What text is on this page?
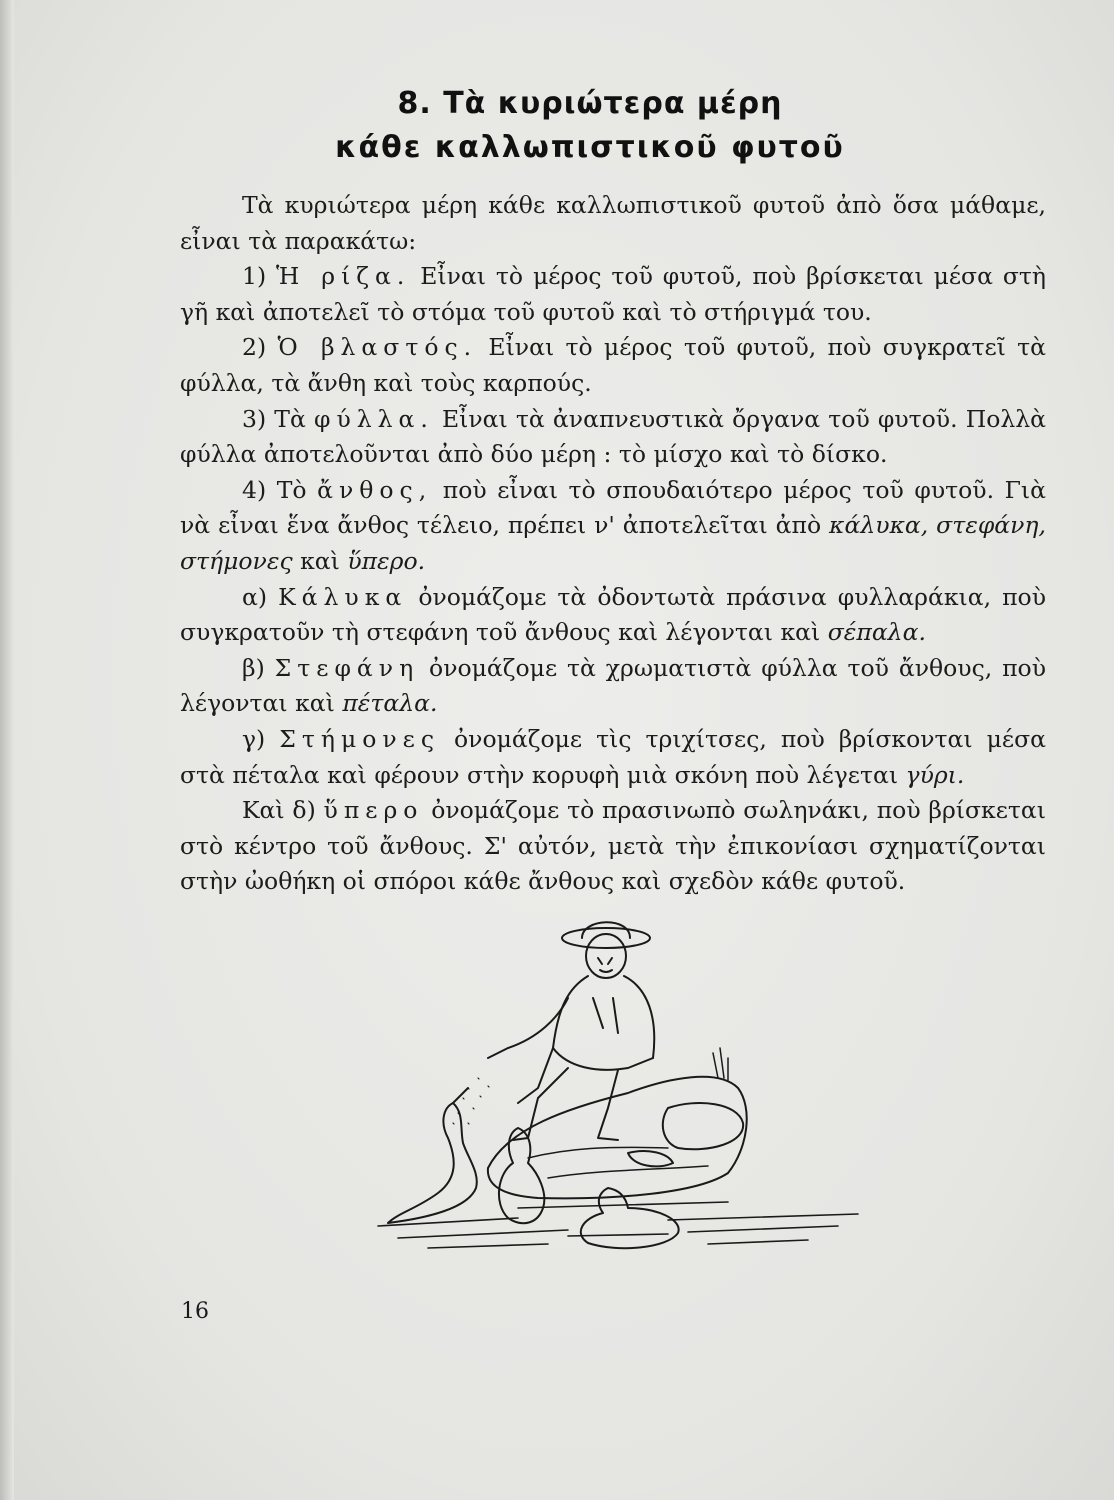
8. Τὰ κυριώτερα μέρη
κάθε καλλωπιστικοῦ φυτοῦ

Τὰ κυριώτερα μέρη κάθε καλλωπιστικοῦ φυτοῦ ἀπὸ ὅσα μάθαμε, εἶναι τὰ παρακάτω:

1) Ἡ ρίζα. Εἶναι τὸ μέρος τοῦ φυτοῦ, ποὺ βρίσκεται μέσα στὴ γῆ καὶ ἀποτελεῖ τὸ στόμα τοῦ φυτοῦ καὶ τὸ στήριγμά του.

2) Ὁ βλαστός. Εἶναι τὸ μέρος τοῦ φυτοῦ, ποὺ συγκρατεῖ τὰ φύλλα, τὰ ἄνθη καὶ τοὺς καρπούς.

3) Τὰ φύλλα. Εἶναι τὰ ἀναπνευστικὰ ὄργανα τοῦ φυτοῦ. Πολλὰ φύλλα ἀποτελοῦνται ἀπὸ δύο μέρη : τὸ μίσχο καὶ τὸ δίσκο.

4) Τὸ ἄνθος, ποὺ εἶναι τὸ σπουδαιότερο μέρος τοῦ φυτοῦ. Γιὰ νὰ εἶναι ἕνα ἄνθος τέλειο, πρέπει ν' ἀποτελεῖται ἀπὸ κάλυκα, στεφάνη, στήμονες καὶ ὕπερο.

α) Κάλυκα ὀνομάζομε τὰ ὀδοντωτὰ πράσινα φυλλαράκια, ποὺ συγκρατοῦν τὴ στεφάνη τοῦ ἄνθους καὶ λέγονται καὶ σέπαλα.

β) Στεφάνη ὀνομάζομε τὰ χρωματιστὰ φύλλα τοῦ ἄνθους, ποὺ λέγονται καὶ πέταλα.

γ) Στήμονες ὀνομάζομε τὶς τριχίτσες, ποὺ βρίσκονται μέσα στὰ πέταλα καὶ φέρουν στὴν κορυφὴ μιὰ σκόνη ποὺ λέγεται γύρι.

Καὶ δ) ὕπερο ὀνομάζομε τὸ πρασινωπὸ σωληνάκι, ποὺ βρίσκεται στὸ κέντρο τοῦ ἄνθους. Σ' αὐτόν, μετὰ τὴν ἐπικονίασι σχηματίζονται στὴν ὠοθήκη οἱ σπόροι κάθε ἄνθους καὶ σχεδὸν κάθε φυτοῦ.

16
